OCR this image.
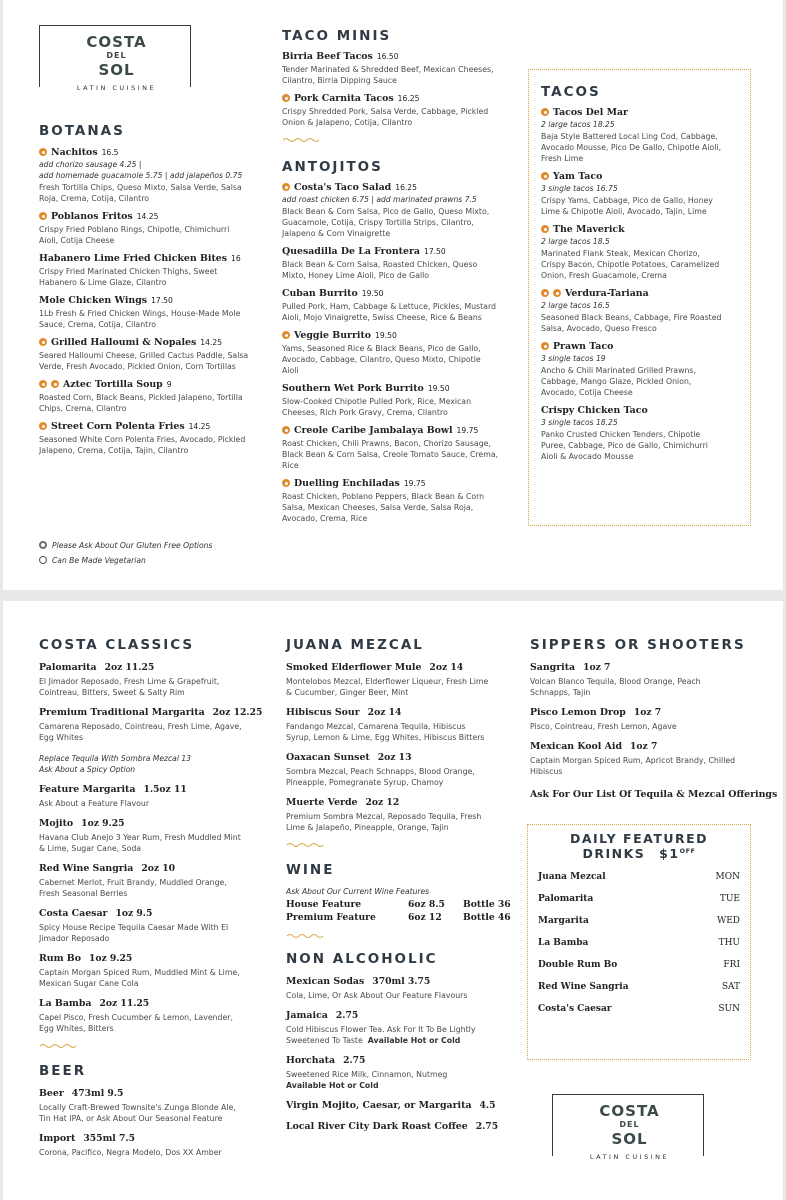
COSTA
DEL
SOL
LATIN CUISINE
BOTANAS
Nachitos 16.5
add chorizo sausage 4.25 |
add homemade guacamole 5.75 | add jalapeños 0.75
Fresh Tortilla Chips, Queso Mixto, Salsa Verde, Salsa
Roja, Crema, Cotija, Cilantro
Poblanos Fritos 14.25
Crispy Fried Poblano Rings, Chipotle, Chimichurri
Aioli, Cotija Cheese
Habanero Lime Fried Chicken Bites 16
Crispy Fried Marinated Chicken Thighs, Sweet
Habanero & Lime Glaze, Cilantro
Mole Chicken Wings 17.50
1Lb Fresh & Fried Chicken Wings, House-Made Mole
Sauce, Crema, Cotija, Cilantro
Grilled Halloumi & Nopales 14.25
Seared Halloumi Cheese, Grilled Cactus Paddle, Salsa
Verde, Fresh Avocado, Pickled Onion, Corn Tortillas
Aztec Tortilla Soup 9
Roasted Corn, Black Beans, Pickled Jalapeno, Tortilla
Chips, Crema, Cilantro
Street Corn Polenta Fries 14.25
Seasoned White Corn Polenta Fries, Avocado, Pickled
Jalapeno, Crema, Cotija, Tajin, Cilantro
Please Ask About Our Gluten Free Options
Can Be Made Vegetarian
TACO MINIS
Birria Beef Tacos 16.50
Tender Marinated & Shredded Beef, Mexican Cheeses,
Cilantro, Birria Dipping Sauce
Pork Carnita Tacos 16.25
Crispy Shredded Pork, Salsa Verde, Cabbage, Pickled
Onion & Jalapeno, Cotija, Cilantro
ANTOJITOS
Costa's Taco Salad 16.25
add roast chicken 6.75 | add marinated prawns 7.5
Black Bean & Corn Salsa, Pico de Gallo, Queso Mixto,
Guacamole, Cotija, Crispy Tortilla Strips, Cilantro,
Jalapeno & Corn Vinaigrette
Quesadilla De La Frontera 17.50
Black Bean & Corn Salsa, Roasted Chicken, Queso
Mixto, Honey Lime Aioli, Pico de Gallo
Cuban Burrito 19.50
Pulled Pork, Ham, Cabbage & Lettuce, Pickles, Mustard
Aioli, Mojo Vinaigrette, Swiss Cheese, Rice & Beans
Veggie Burrito 19.50
Yams, Seasoned Rice & Black Beans, Pico de Gallo,
Avocado, Cabbage, Cilantro, Queso Mixto, Chipotle
Aioli
Southern Wet Pork Burrito 19.50
Slow-Cooked Chipotle Pulled Pork, Rice, Mexican
Cheeses, Rich Pork Gravy, Crema, Cilantro
Creole Caribe Jambalaya Bowl 19.75
Roast Chicken, Chili Prawns, Bacon, Chorizo Sausage,
Black Bean & Corn Salsa, Creole Tomato Sauce, Crema,
Rice
Duelling Enchiladas 19.75
Roast Chicken, Poblano Peppers, Black Bean & Corn
Salsa, Mexican Cheeses, Salsa Verde, Salsa Roja,
Avocado, Crema, Rice
TACOS
Tacos Del Mar
2 large tacos 18.25
Baja Style Battered Local Ling Cod, Cabbage,
Avocado Mousse, Pico De Gallo, Chipotle Aioli,
Fresh Lime
Yam Taco
3 single tacos 16.75
Crispy Yams, Cabbage, Pico de Gallo, Honey
Lime & Chipotle Aioli, Avocado, Tajin, Lime
The Maverick
2 large tacos 18.5
Marinated Flank Steak, Mexican Chorizo,
Crispy Bacon, Chipotle Potatoes, Caramelized
Onion, Fresh Guacamole, Crema
Verdura-Tariana
2 large tacos 16.5
Seasoned Black Beans, Cabbage, Fire Roasted
Salsa, Avocado, Queso Fresco
Prawn Taco
3 single tacos 19
Ancho & Chili Marinated Grilled Prawns,
Cabbage, Mango Glaze, Pickled Onion,
Avocado, Cotija Cheese
Crispy Chicken Taco
3 single tacos 18.25
Panko Crusted Chicken Tenders, Chipotle
Puree, Cabbage, Pico de Gallo, Chimichurri
Aioli & Avocado Mousse
COSTA CLASSICS
Palomarita 2oz 11.25
El Jimador Reposado, Fresh Lime & Grapefruit,
Cointreau, Bitters, Sweet & Salty Rim
Premium Traditional Margarita 2oz 12.25
Camarena Reposado, Cointreau, Fresh Lime, Agave,
Egg Whites
Replace Tequila With Sombra Mezcal 13
Ask About a Spicy Option
Feature Margarita 1.5oz 11
Ask About a Feature Flavour
Mojito 1oz 9.25
Havana Club Anejo 3 Year Rum, Fresh Muddled Mint
& Lime, Sugar Cane, Soda
Red Wine Sangria 2oz 10
Cabernet Merlot, Fruit Brandy, Muddled Orange,
Fresh Seasonal Berries
Costa Caesar 1oz 9.5
Spicy House Recipe Tequila Caesar Made With El
Jimador Reposado
Rum Bo 1oz 9.25
Captain Morgan Spiced Rum, Muddled Mint & Lime,
Mexican Sugar Cane Cola
La Bamba 2oz 11.25
Capel Pisco, Fresh Cucumber & Lemon, Lavender,
Egg Whites, Bitters
BEER
Beer 473ml 9.5
Locally Craft-Brewed Townsite's Zunga Blonde Ale,
Tin Hat IPA, or Ask About Our Seasonal Feature
Import 355ml 7.5
Corona, Pacifico, Negra Modelo, Dos XX Amber
JUANA MEZCAL
Smoked Elderflower Mule 2oz 14
Montelobos Mezcal, Elderflower Liqueur, Fresh Lime
& Cucumber, Ginger Beer, Mint
Hibiscus Sour 2oz 14
Fandango Mezcal, Camarena Tequila, Hibiscus
Syrup, Lemon & Lime, Egg Whites, Hibiscus Bitters
Oaxacan Sunset 2oz 13
Sombra Mezcal, Peach Schnapps, Blood Orange,
Pineapple, Pomegranate Syrup, Chamoy
Muerte Verde 2oz 12
Premium Sombra Mezcal, Reposado Tequila, Fresh
Lime & Jalapeño, Pineapple, Orange, Tajin
WINE
Ask About Our Current Wine Features
House Feature	6oz 8.5	Bottle 36
Premium Feature	6oz 12	Bottle 46
NON ALCOHOLIC
Mexican Sodas 370ml 3.75
Cola, Lime, Or Ask About Our Feature Flavours
Jamaica 2.75
Cold Hibiscus Flower Tea. Ask For It To Be Lightly
Sweetened To Taste Available Hot or Cold
Horchata 2.75
Sweetened Rice Milk, Cinnamon, Nutmeg
Available Hot or Cold
Virgin Mojito, Caesar, or Margarita 4.5
Local River City Dark Roast Coffee 2.75
SIPPERS OR SHOOTERS
Sangrita 1oz 7
Volcan Blanco Tequila, Blood Orange, Peach
Schnapps, Tajin
Pisco Lemon Drop 1oz 7
Pisco, Cointreau, Fresh Lemon, Agave
Mexican Kool Aid 1oz 7
Captain Morgan Spiced Rum, Apricot Brandy, Chilled
Hibiscus
Ask For Our List Of Tequila & Mezcal Offerings
DAILY FEATURED
DRINKS $\$1^{OFF}$
Juana Mezcal	MON
Palomarita	TUE
Margarita	WED
La Bamba	THU
Double Rum Bo	FRI
Red Wine Sangria	SAT
Costa's Caesar	SUN
COSTA
DEL
SOL
LATIN CUISINE
